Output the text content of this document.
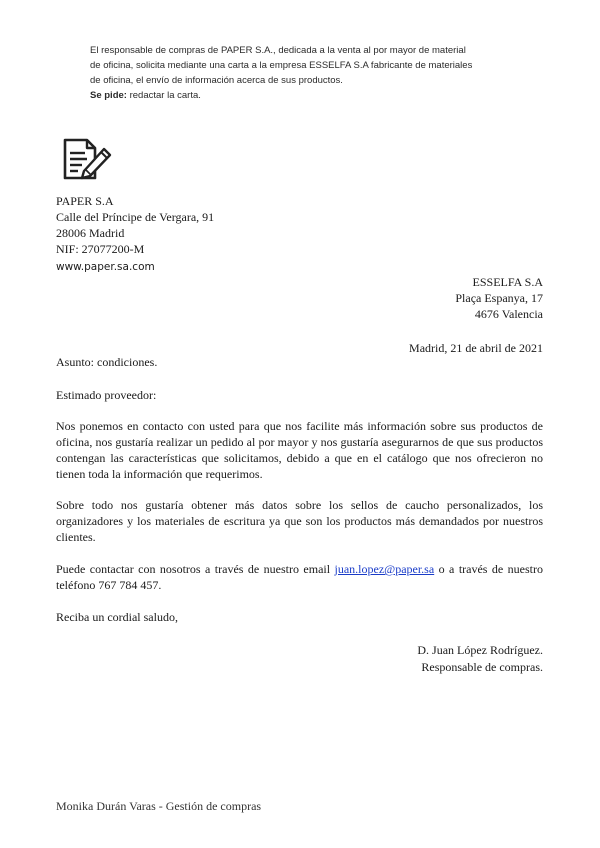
El responsable de compras de PAPER S.A., dedicada a la venta al por mayor de material

de oficina, solicita mediante una carta a la empresa ESSELFA S.A fabricante de materiales

de oficina, el envío de información acerca de sus productos.

Se pide: redactar la carta.

PAPER S.A
Calle del Príncipe de Vergara, 91
28006 Madrid
NIF: 27077200-M
www.paper.sa.com
ESSELFA S.A
Plaça Espanya, 17
4676 Valencia
Madrid, 21 de abril de 2021

Asunto: condiciones.

Estimado proveedor:

Nos ponemos en contacto con usted para que nos facilite más información sobre sus productos de oficina, nos gustaría realizar un pedido al por mayor y nos gustaría asegurarnos de que sus productos contengan las características que solicitamos, debido a que en el catálogo que nos ofrecieron no tienen toda la información que requerimos.

Sobre todo nos gustaría obtener más datos sobre los sellos de caucho personalizados, los organizadores y los materiales de escritura ya que son los productos más demandados por nuestros clientes.

Puede contactar con nosotros a través de nuestro email juan.lopez@paper.sa o a través de nuestro teléfono 767 784 457.

Reciba un cordial saludo,

D. Juan López Rodríguez.
Responsable de compras.
Monika Durán Varas - Gestión de compras
